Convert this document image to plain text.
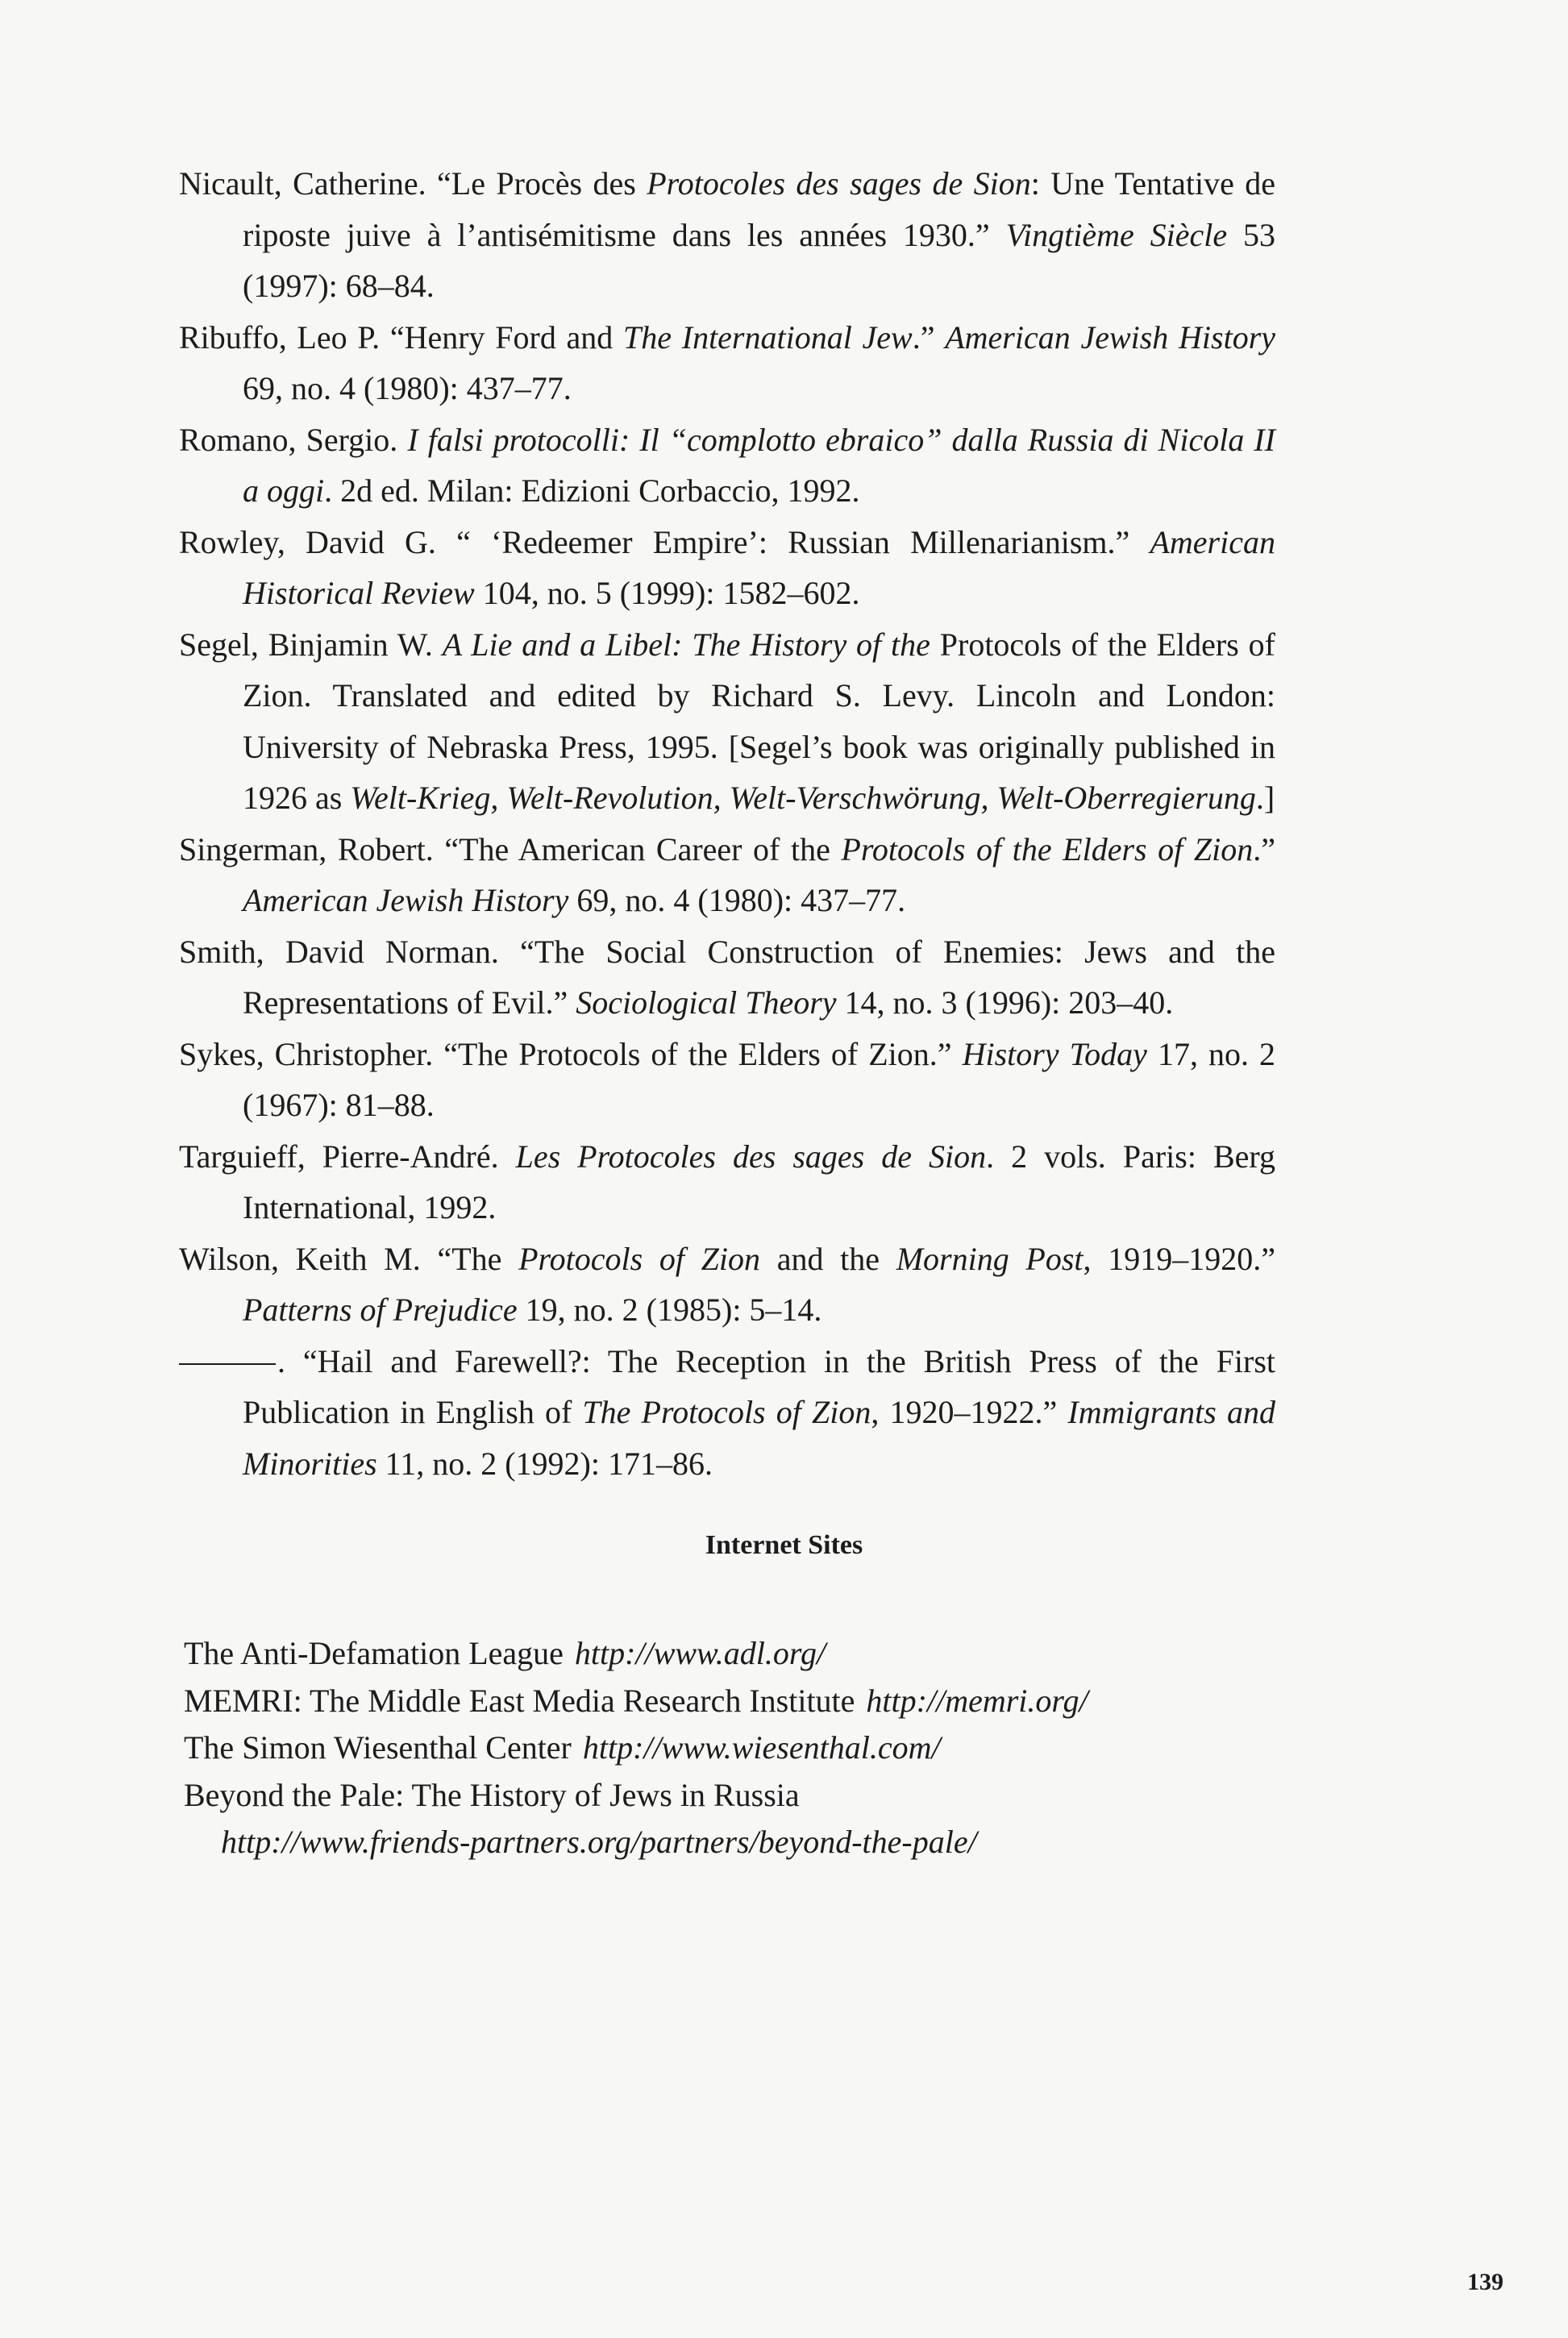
Nicault, Catherine. “Le Procès des Protocoles des sages de Sion: Une Tentative de riposte juive à l’antisémitisme dans les années 1930.” Vingtième Siècle 53 (1997): 68–84.
Ribuffo, Leo P. “Henry Ford and The International Jew.” American Jewish History 69, no. 4 (1980): 437–77.
Romano, Sergio. I falsi protocolli: Il “complotto ebraico” dalla Russia di Nicola II a oggi. 2d ed. Milan: Edizioni Corbaccio, 1992.
Rowley, David G. “ ‘Redeemer Empire’: Russian Millenarianism.” American Historical Review 104, no. 5 (1999): 1582–602.
Segel, Binjamin W. A Lie and a Libel: The History of the Protocols of the Elders of Zion. Translated and edited by Richard S. Levy. Lincoln and London: University of Nebraska Press, 1995. [Segel’s book was originally published in 1926 as Welt-Krieg, Welt-Revolution, Welt-Verschwörung, Welt-Oberregierung.]
Singerman, Robert. “The American Career of the Protocols of the Elders of Zion.” American Jewish History 69, no. 4 (1980): 437–77.
Smith, David Norman. “The Social Construction of Enemies: Jews and the Representations of Evil.” Sociological Theory 14, no. 3 (1996): 203–40.
Sykes, Christopher. “The Protocols of the Elders of Zion.” History Today 17, no. 2 (1967): 81–88.
Targuieff, Pierre-André. Les Protocoles des sages de Sion. 2 vols. Paris: Berg International, 1992.
Wilson, Keith M. “The Protocols of Zion and the Morning Post, 1919–1920.” Patterns of Prejudice 19, no. 2 (1985): 5–14.
. “Hail and Farewell?: The Reception in the British Press of the First Publication in English of The Protocols of Zion, 1920–1922.” Immigrants and Minorities 11, no. 2 (1992): 171–86.
Internet Sites
The Anti-Defamation League http://www.adl.org/
MEMRI: The Middle East Media Research Institute http://memri.org/
The Simon Wiesenthal Center http://www.wiesenthal.com/
Beyond the Pale: The History of Jews in Russia
http://www.friends-partners.org/partners/beyond-the-pale/
139
